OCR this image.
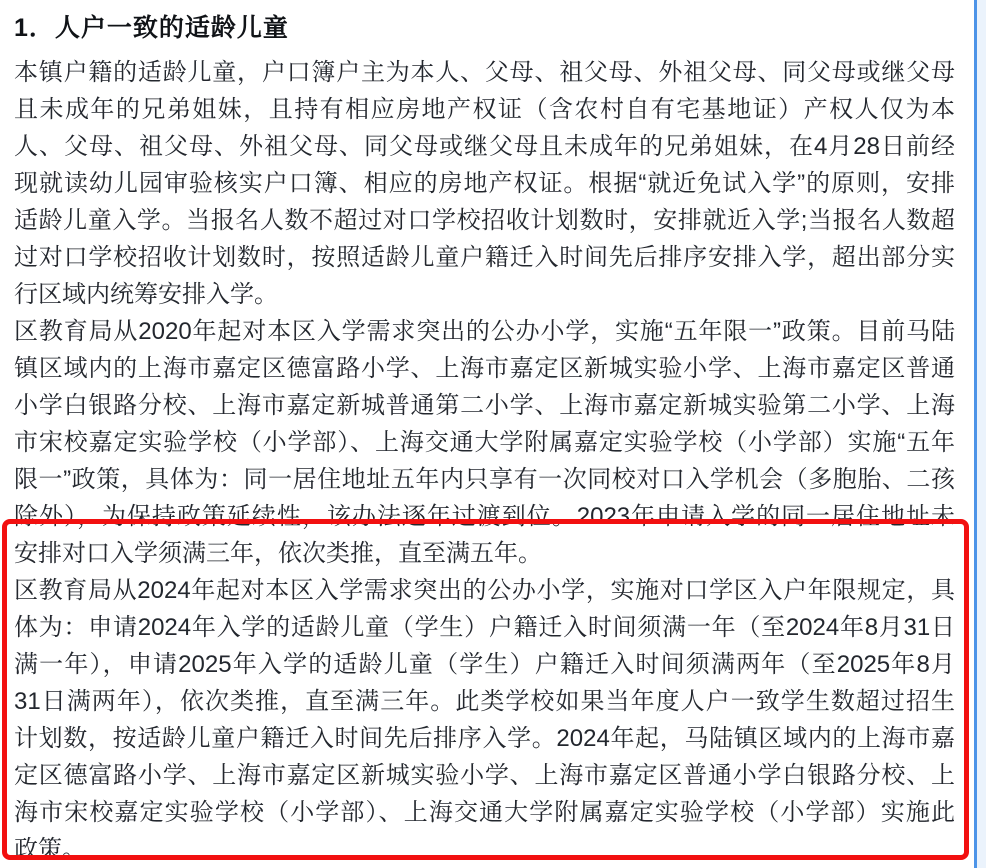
1．人户一致的适龄儿童
本镇户籍的适龄儿童，户口簿户主为本人、父母、祖父母、外祖父母、同父母或继父母
且未成年的兄弟姐妹，且持有相应房地产权证（含农村自有宅基地证）产权人仅为本
人、父母、祖父母、外祖父母、同父母或继父母且未成年的兄弟姐妹，在4月28日前经
现就读幼儿园审验核实户口簿、相应的房地产权证。根据“就近免试入学”的原则，安排
适龄儿童入学。当报名人数不超过对口学校招收计划数时，安排就近入学;当报名人数超
过对口学校招收计划数时，按照适龄儿童户籍迁入时间先后排序安排入学，超出部分实
行区域内统筹安排入学。
区教育局从2020年起对本区入学需求突出的公办小学，实施“五年限一”政策。目前马陆
镇区域内的上海市嘉定区德富路小学、上海市嘉定区新城实验小学、上海市嘉定区普通
小学白银路分校、上海市嘉定新城普通第二小学、上海市嘉定新城实验第二小学、上海
市宋校嘉定实验学校（小学部）、上海交通大学附属嘉定实验学校（小学部）实施“五年
限一”政策，具体为：同一居住地址五年内只享有一次同校对口入学机会（多胞胎、二孩
除外），为保持政策延续性，该办法逐年过渡到位。2023年申请入学的同一居住地址未
安排对口入学须满三年，依次类推，直至满五年。
区教育局从2024年起对本区入学需求突出的公办小学，实施对口学区入户年限规定，具
体为：申请2024年入学的适龄儿童（学生）户籍迁入时间须满一年（至2024年8月31日
满一年），申请2025年入学的适龄儿童（学生）户籍迁入时间须满两年（至2025年8月
31日满两年），依次类推，直至满三年。此类学校如果当年度人户一致学生数超过招生
计划数，按适龄儿童户籍迁入时间先后排序入学。2024年起，马陆镇区域内的上海市嘉
定区德富路小学、上海市嘉定区新城实验小学、上海市嘉定区普通小学白银路分校、上
海市宋校嘉定实验学校（小学部）、上海交通大学附属嘉定实验学校（小学部）实施此
政策。
